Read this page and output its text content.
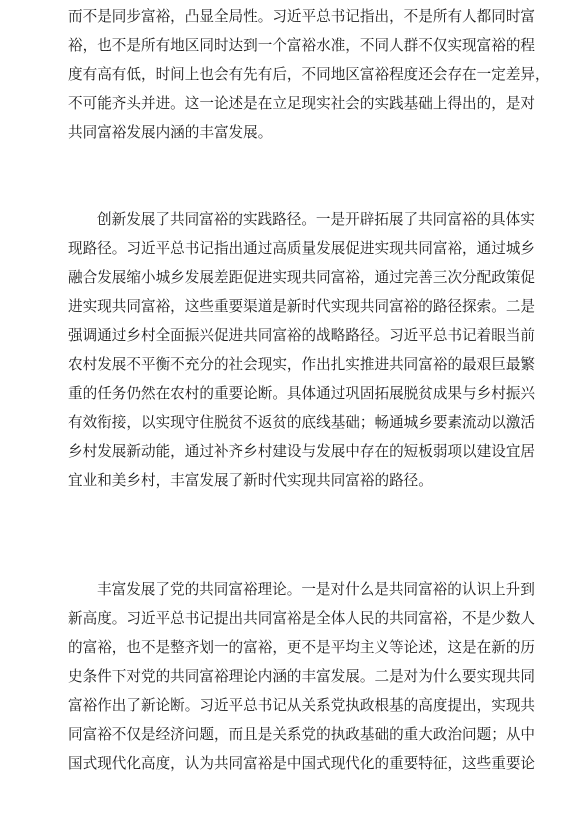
而不是同步富裕，凸显全局性。习近平总书记指出，不是所有人都同时富
裕，也不是所有地区同时达到一个富裕水准，不同人群不仅实现富裕的程
度有高有低，时间上也会有先有后，不同地区富裕程度还会存在一定差异，
不可能齐头并进。这一论述是在立足现实社会的实践基础上得出的，是对
共同富裕发展内涵的丰富发展。
创新发展了共同富裕的实践路径。一是开辟拓展了共同富裕的具体实
现路径。习近平总书记指出通过高质量发展促进实现共同富裕，通过城乡
融合发展缩小城乡发展差距促进实现共同富裕，通过完善三次分配政策促
进实现共同富裕，这些重要渠道是新时代实现共同富裕的路径探索。二是
强调通过乡村全面振兴促进共同富裕的战略路径。习近平总书记着眼当前
农村发展不平衡不充分的社会现实，作出扎实推进共同富裕的最艰巨最繁
重的任务仍然在农村的重要论断。具体通过巩固拓展脱贫成果与乡村振兴
有效衔接，以实现守住脱贫不返贫的底线基础；畅通城乡要素流动以激活
乡村发展新动能，通过补齐乡村建设与发展中存在的短板弱项以建设宜居
宜业和美乡村，丰富发展了新时代实现共同富裕的路径。
丰富发展了党的共同富裕理论。一是对什么是共同富裕的认识上升到
新高度。习近平总书记提出共同富裕是全体人民的共同富裕，不是少数人
的富裕，也不是整齐划一的富裕，更不是平均主义等论述，这是在新的历
史条件下对党的共同富裕理论内涵的丰富发展。二是对为什么要实现共同
富裕作出了新论断。习近平总书记从关系党执政根基的高度提出，实现共
同富裕不仅是经济问题，而且是关系党的执政基础的重大政治问题；从中
国式现代化高度，认为共同富裕是中国式现代化的重要特征，这些重要论
